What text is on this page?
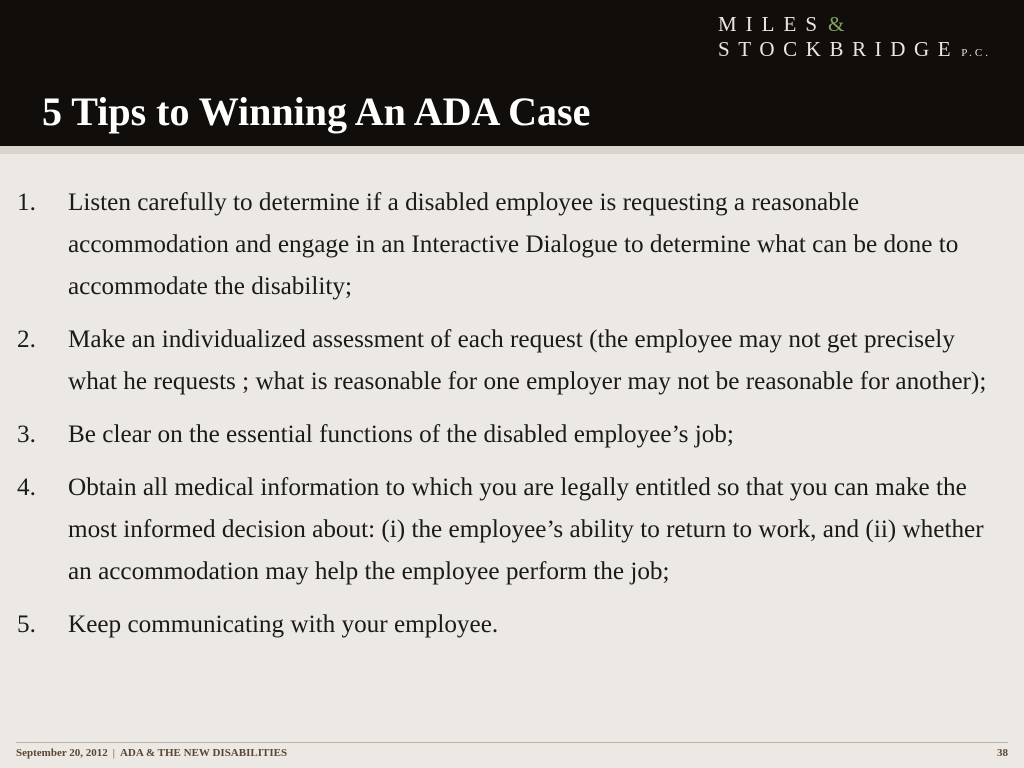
MILES&
STOCKBRIDGE P.C.
5 Tips to Winning An ADA Case
1. Listen carefully to determine if a disabled employee is requesting a reasonable accommodation and engage in an Interactive Dialogue to determine what can be done to accommodate the disability;
2. Make an individualized assessment of each request (the employee may not get precisely what he requests ; what is reasonable for one employer may not be reasonable for another);
3. Be clear on the essential functions of the disabled employee’s job;
4. Obtain all medical information to which you are legally entitled so that you can make the most informed decision about: (i) the employee’s ability to return to work, and (ii) whether an accommodation may help the employee perform the job;
5. Keep communicating with your employee.
September 20, 2012 | ADA & THE NEW DISABILITIES	38
